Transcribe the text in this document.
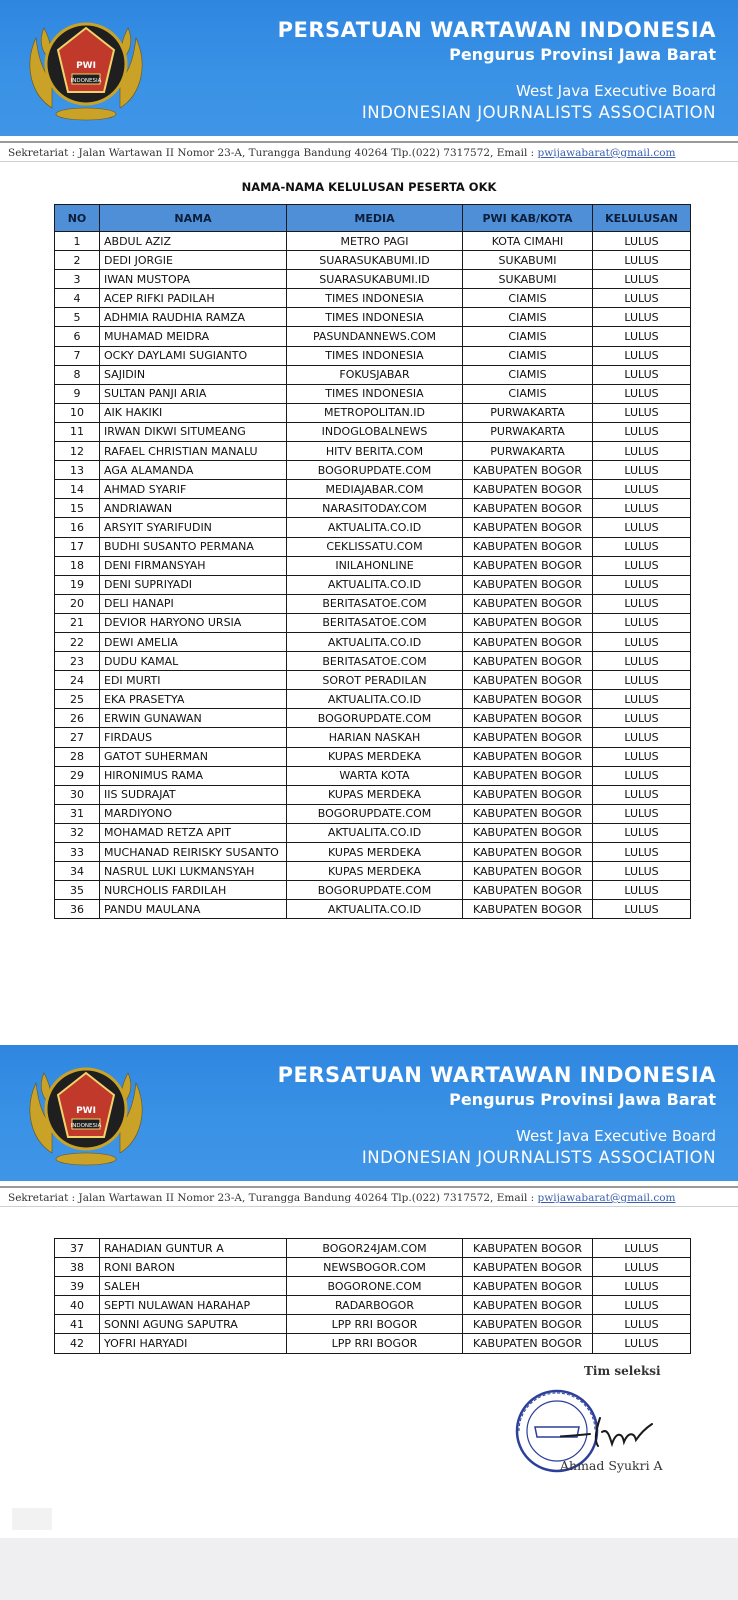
INDONESIA
PWI
PERSATUAN WARTAWAN INDONESIA
Pengurus Provinsi Jawa Barat
West Java Executive Board
INDONESIAN JOURNALISTS ASSOCIATION
Sekretariat : Jalan Wartawan II Nomor 23-A, Turangga Bandung 40264 Tlp.(022) 7317572, Email : pwijawabarat@gmail.com
NAMA-NAMA KELULUSAN PESERTA OKK
NO	NAMA	MEDIA	PWI KAB/KOTA	KELULUSAN
1	ABDUL AZIZ	METRO PAGI	KOTA CIMAHI	LULUS
2	DEDI JORGIE	SUARASUKABUMI.ID	SUKABUMI	LULUS
3	IWAN MUSTOPA	SUARASUKABUMI.ID	SUKABUMI	LULUS
4	ACEP RIFKI PADILAH	TIMES INDONESIA	CIAMIS	LULUS
5	ADHMIA RAUDHIA RAMZA	TIMES INDONESIA	CIAMIS	LULUS
6	MUHAMAD MEIDRA	PASUNDANNEWS.COM	CIAMIS	LULUS
7	OCKY DAYLAMI SUGIANTO	TIMES INDONESIA	CIAMIS	LULUS
8	SAJIDIN	FOKUSJABAR	CIAMIS	LULUS
9	SULTAN PANJI ARIA	TIMES INDONESIA	CIAMIS	LULUS
10	AIK HAKIKI	METROPOLITAN.ID	PURWAKARTA	LULUS
11	IRWAN DIKWI SITUMEANG	INDOGLOBALNEWS	PURWAKARTA	LULUS
12	RAFAEL CHRISTIAN MANALU	HITV BERITA.COM	PURWAKARTA	LULUS
13	AGA ALAMANDA	BOGORUPDATE.COM	KABUPATEN BOGOR	LULUS
14	AHMAD SYARIF	MEDIAJABAR.COM	KABUPATEN BOGOR	LULUS
15	ANDRIAWAN	NARASITODAY.COM	KABUPATEN BOGOR	LULUS
16	ARSYIT SYARIFUDIN	AKTUALITA.CO.ID	KABUPATEN BOGOR	LULUS
17	BUDHI SUSANTO PERMANA	CEKLISSATU.COM	KABUPATEN BOGOR	LULUS
18	DENI FIRMANSYAH	INILAHONLINE	KABUPATEN BOGOR	LULUS
19	DENI SUPRIYADI	AKTUALITA.CO.ID	KABUPATEN BOGOR	LULUS
20	DELI HANAPI	BERITASATOE.COM	KABUPATEN BOGOR	LULUS
21	DEVIOR HARYONO URSIA	BERITASATOE.COM	KABUPATEN BOGOR	LULUS
22	DEWI AMELIA	AKTUALITA.CO.ID	KABUPATEN BOGOR	LULUS
23	DUDU KAMAL	BERITASATOE.COM	KABUPATEN BOGOR	LULUS
24	EDI MURTI	SOROT PERADILAN	KABUPATEN BOGOR	LULUS
25	EKA PRASETYA	AKTUALITA.CO.ID	KABUPATEN BOGOR	LULUS
26	ERWIN GUNAWAN	BOGORUPDATE.COM	KABUPATEN BOGOR	LULUS
27	FIRDAUS	HARIAN NASKAH	KABUPATEN BOGOR	LULUS
28	GATOT SUHERMAN	KUPAS MERDEKA	KABUPATEN BOGOR	LULUS
29	HIRONIMUS RAMA	WARTA KOTA	KABUPATEN BOGOR	LULUS
30	IIS SUDRAJAT	KUPAS MERDEKA	KABUPATEN BOGOR	LULUS
31	MARDIYONO	BOGORUPDATE.COM	KABUPATEN BOGOR	LULUS
32	MOHAMAD RETZA APIT	AKTUALITA.CO.ID	KABUPATEN BOGOR	LULUS
33	MUCHANAD REIRISKY SUSANTO	KUPAS MERDEKA	KABUPATEN BOGOR	LULUS
34	NASRUL LUKI LUKMANSYAH	KUPAS MERDEKA	KABUPATEN BOGOR	LULUS
35	NURCHOLIS FARDILAH	BOGORUPDATE.COM	KABUPATEN BOGOR	LULUS
36	PANDU MAULANA	AKTUALITA.CO.ID	KABUPATEN BOGOR	LULUS
INDONESIA
PWI
PERSATUAN WARTAWAN INDONESIA
Pengurus Provinsi Jawa Barat
West Java Executive Board
INDONESIAN JOURNALISTS ASSOCIATION
Sekretariat : Jalan Wartawan II Nomor 23-A, Turangga Bandung 40264 Tlp.(022) 7317572, Email : pwijawabarat@gmail.com
37	RAHADIAN GUNTUR A	BOGOR24JAM.COM	KABUPATEN BOGOR	LULUS
38	RONI BARON	NEWSBOGOR.COM	KABUPATEN BOGOR	LULUS
39	SALEH	BOGORONE.COM	KABUPATEN BOGOR	LULUS
40	SEPTI NULAWAN HARAHAP	RADARBOGOR	KABUPATEN BOGOR	LULUS
41	SONNI AGUNG SAPUTRA	LPP RRI BOGOR	KABUPATEN BOGOR	LULUS
42	YOFRI HARYADI	LPP RRI BOGOR	KABUPATEN BOGOR	LULUS
Tim seleksi
Ahmad Syukri A
